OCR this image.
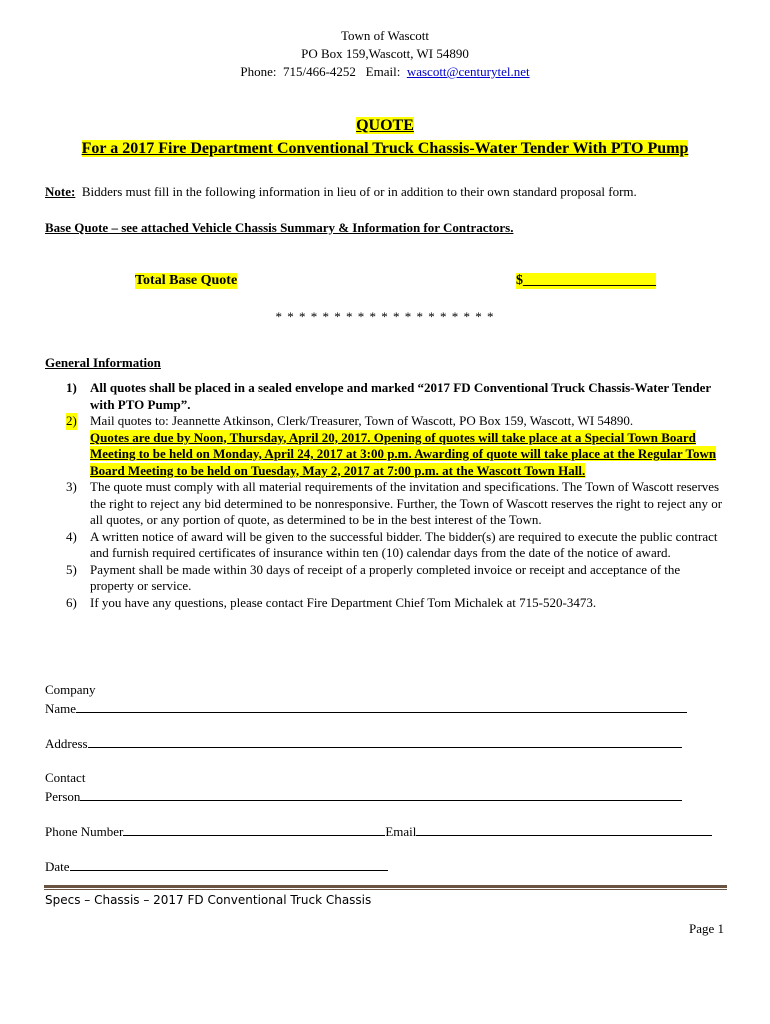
Town of Wascott
PO Box 159,Wascott, WI 54890
Phone:  715/466-4252   Email:  wascott@centurytel.net
QUOTE
For a 2017 Fire Department Conventional Truck Chassis-Water Tender With PTO Pump
Note:  Bidders must fill in the following information in lieu of or in addition to their own standard proposal form.
Base Quote – see attached Vehicle Chassis Summary & Information for Contractors.
Total Base Quote	$___________________
* * * * * * * * * * * * * * * * * * *
General Information
1) All quotes shall be placed in a sealed envelope and marked “2017 FD Conventional Truck Chassis-Water Tender with PTO Pump”.
2) Mail quotes to: Jeannette Atkinson, Clerk/Treasurer, Town of Wascott, PO Box 159, Wascott, WI 54890.
Quotes are due by Noon, Thursday, April 20, 2017. Opening of quotes will take place at a Special Town Board Meeting to be held on Monday, April 24, 2017 at 3:00 p.m. Awarding of quote will take place at the Regular Town Board Meeting to be held on Tuesday, May 2, 2017 at 7:00 p.m. at the Wascott Town Hall.
3) The quote must comply with all material requirements of the invitation and specifications. The Town of Wascott reserves the right to reject any bid determined to be nonresponsive. Further, the Town of Wascott reserves the right to reject any or all quotes, or any portion of quote, as determined to be in the best interest of the Town.
4) A written notice of award will be given to the successful bidder. The bidder(s) are required to execute the public contract and furnish required certificates of insurance within ten (10) calendar days from the date of the notice of award.
5) Payment shall be made within 30 days of receipt of a properly completed invoice or receipt and acceptance of the property or service.
6) If you have any questions, please contact Fire Department Chief Tom Michalek at 715-520-3473.
Company
Name
Address
Contact
Person
Phone Number	Email
Date
Specs – Chassis – 2017 FD Conventional Truck Chassis
Page 1
